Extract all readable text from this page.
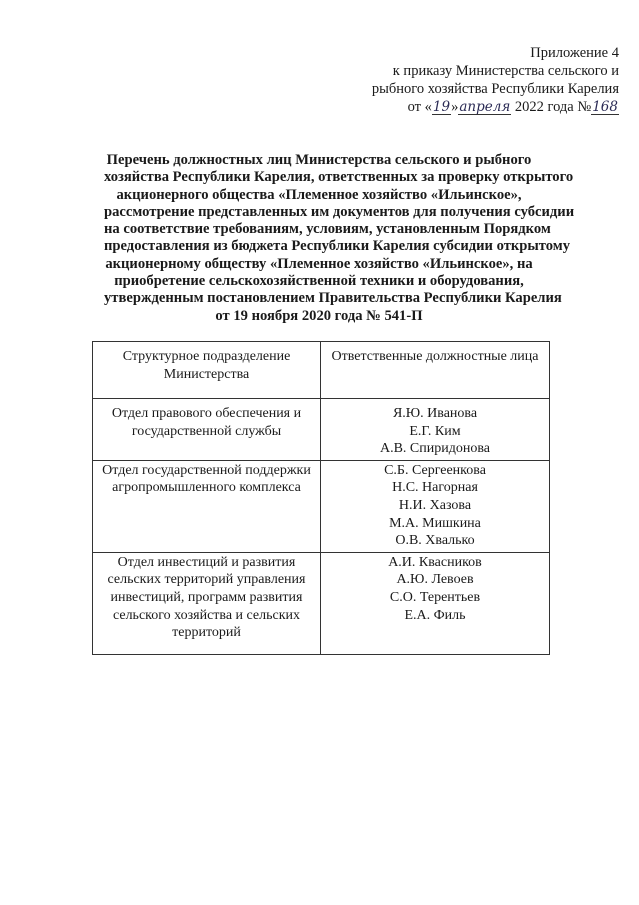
Приложение 4
к приказу Министерства сельского и
рыбного хозяйства Республики Карелия
от «19»апреля 2022 года №168
Перечень должностных лиц Министерства сельского и рыбного
хозяйства Республики Карелия, ответственных за проверку открытого
акционерного общества «Племенное хозяйство «Ильинское»,
рассмотрение представленных им документов для получения субсидии
на соответствие требованиям, условиям, установленным Порядком
предоставления из бюджета Республики Карелия субсидии открытому
акционерному обществу «Племенное хозяйство «Ильинское», на
приобретение сельскохозяйственной техники и оборудования,
утвержденным постановлением Правительства Республики Карелия
от 19 ноября 2020 года № 541-П
Структурное подразделение
Министерства	Ответственные должностные лица

Отдел правового обеспечения и
государственной службы	Я.Ю. Иванова
Е.Г. Ким
А.В. Спиридонова

Отдел государственной поддержки
агропромышленного комплекса	С.Б. Сергеенкова
Н.С. Нагорная
Н.И. Хазова
М.А. Мишкина
О.В. Хвалько

Отдел инвестиций и развития
сельских территорий управления
инвестиций, программ развития
сельского хозяйства и сельских
территорий	А.И. Квасников
А.Ю. Левоев
С.О. Терентьев
Е.А. Филь
